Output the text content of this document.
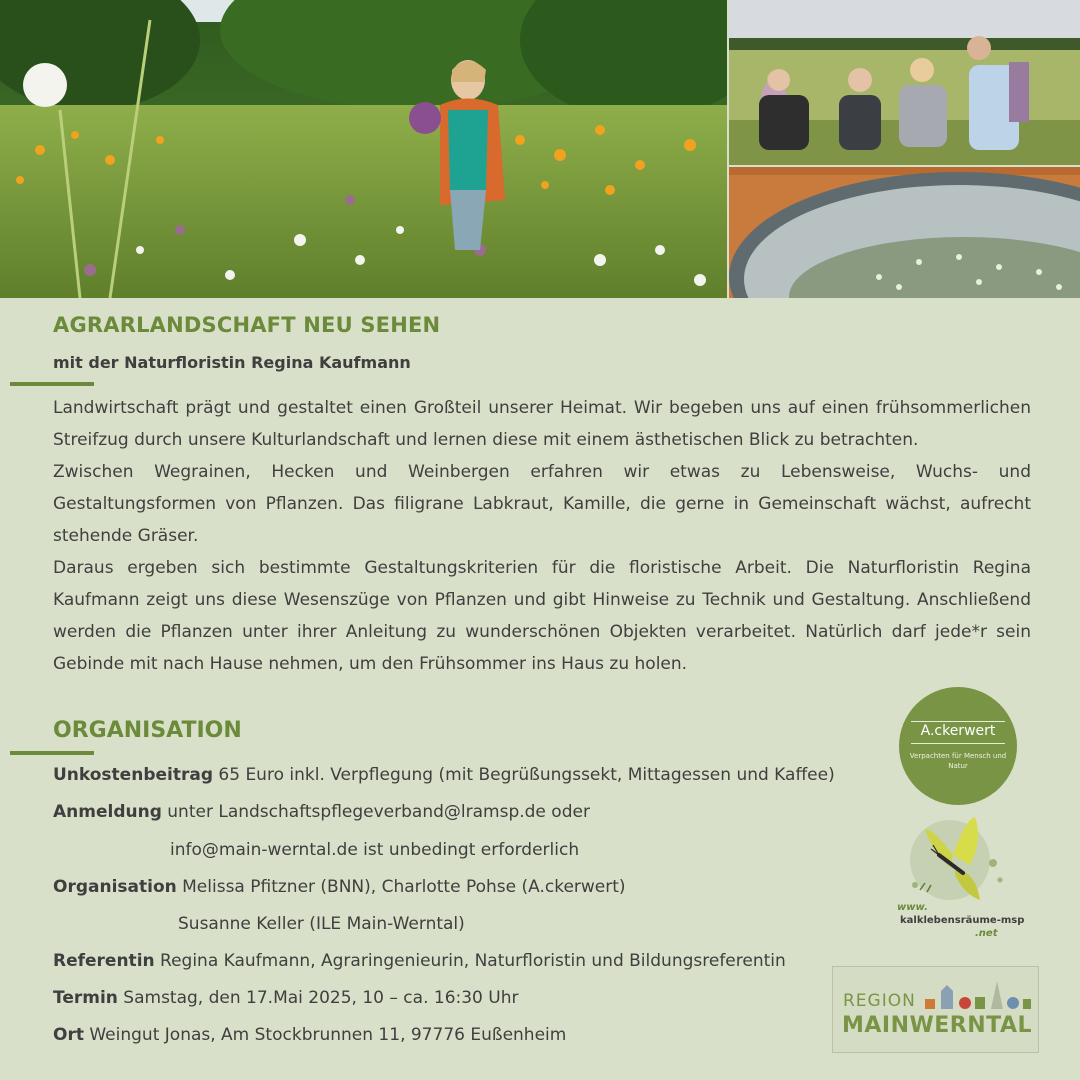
AGRARLANDSCHAFT NEU SEHEN
mit der Naturfloristin Regina Kaufmann

Landwirtschaft prägt und gestaltet einen Großteil unserer Heimat. Wir begeben uns auf einen frühsommerlichen Streifzug durch unsere Kulturlandschaft und lernen diese mit einem ästhetischen Blick zu betrachten.

Zwischen Wegrainen, Hecken und Weinbergen erfahren wir etwas zu Lebensweise, Wuchs- und Gestaltungsformen von Pflanzen. Das filigrane Labkraut, Kamille, die gerne in Gemeinschaft wächst, aufrecht stehende Gräser.

Daraus ergeben sich bestimmte Gestaltungskriterien für die floristische Arbeit. Die Naturfloristin Regina Kaufmann zeigt uns diese Wesenszüge von Pflanzen und gibt Hinweise zu Technik und Gestaltung. Anschließend werden die Pflanzen unter ihrer Anleitung zu wunderschönen Objekten verarbeitet. Natürlich darf jede*r sein Gebinde mit nach Hause nehmen, um den Frühsommer ins Haus zu holen.

ORGANISATION
Unkostenbeitrag 65 Euro inkl. Verpflegung (mit Begrüßungssekt, Mittagessen und Kaffee)
Anmeldung unter Landschaftspflegeverband@lramsp.de oder
info@main-werntal.de ist unbedingt erforderlich
Organisation Melissa Pfitzner (BNN), Charlotte Pohse (A.ckerwert)
Susanne Keller (ILE Main-Werntal)
Referentin Regina Kaufmann, Agraringenieurin, Naturfloristin und Bildungsreferentin
Termin Samstag, den 17.Mai 2025, 10 – ca. 16:30 Uhr
Ort Weingut Jonas, Am Stockbrunnen 11, 97776 Eußenheim
A.ckerwert
Verpachten für Mensch und Natur
www.
kalklebensräume-msp
.net
REGION
MAINWERNTAL
